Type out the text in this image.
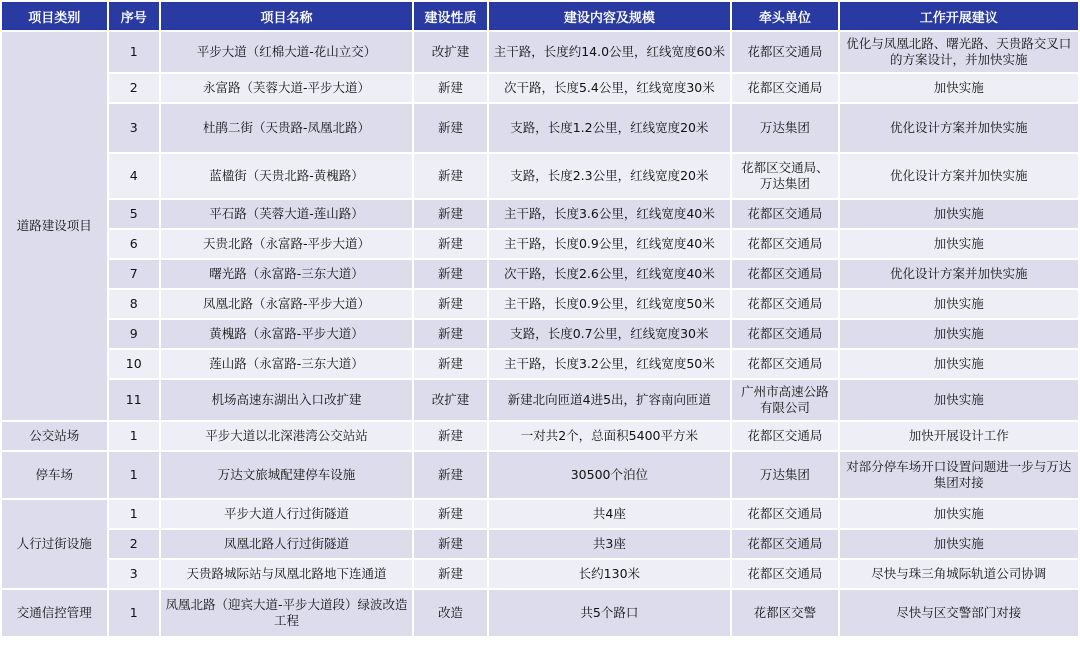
项目类别	序号	项目名称	建设性质	建设内容及规模	牵头单位	工作开展建议
道路建设项目	1	平步大道（红棉大道-花山立交）	改扩建	主干路，长度约14.0公里，红线宽度60米	花都区交通局	优化与凤凰北路、曙光路、天贵路交叉口的方案设计，并加快实施
	2	永富路（芙蓉大道-平步大道）	新建	次干路，长度5.4公里，红线宽度30米	花都区交通局	加快实施
	3	杜鹃二街（天贵路-凤凰北路）	新建	支路，长度1.2公里，红线宽度20米	万达集团	优化设计方案并加快实施
	4	蓝楹街（天贵北路-黄槐路）	新建	支路，长度2.3公里，红线宽度20米	花都区交通局、万达集团	优化设计方案并加快实施
	5	平石路（芙蓉大道-莲山路）	新建	主干路，长度3.6公里，红线宽度40米	花都区交通局	加快实施
	6	天贵北路（永富路-平步大道）	新建	主干路，长度0.9公里，红线宽度40米	花都区交通局	加快实施
	7	曙光路（永富路-三东大道）	新建	次干路，长度2.6公里，红线宽度40米	花都区交通局	优化设计方案并加快实施
	8	凤凰北路（永富路-平步大道）	新建	主干路，长度0.9公里，红线宽度50米	花都区交通局	加快实施
	9	黄槐路（永富路-平步大道）	新建	支路，长度0.7公里，红线宽度30米	花都区交通局	加快实施
	10	莲山路（永富路-三东大道）	新建	主干路，长度3.2公里，红线宽度50米	花都区交通局	加快实施
	11	机场高速东湖出入口改扩建	改扩建	新建北向匝道4进5出，扩容南向匝道	广州市高速公路有限公司	加快实施
公交站场	1	平步大道以北深港湾公交站站	新建	一对共2个，总面积5400平方米	花都区交通局	加快开展设计工作
停车场	1	万达文旅城配建停车设施	新建	30500个泊位	万达集团	对部分停车场开口设置问题进一步与万达集团对接
人行过街设施	1	平步大道人行过街隧道	新建	共4座	花都区交通局	加快实施
	2	凤凰北路人行过街隧道	新建	共3座	花都区交通局	加快实施
	3	天贵路城际站与凤凰北路地下连通道	新建	长约130米	花都区交通局	尽快与珠三角城际轨道公司协调
交通信控管理	1	凤凰北路（迎宾大道-平步大道段）绿波改造工程	改造	共5个路口	花都区交警	尽快与区交警部门对接
